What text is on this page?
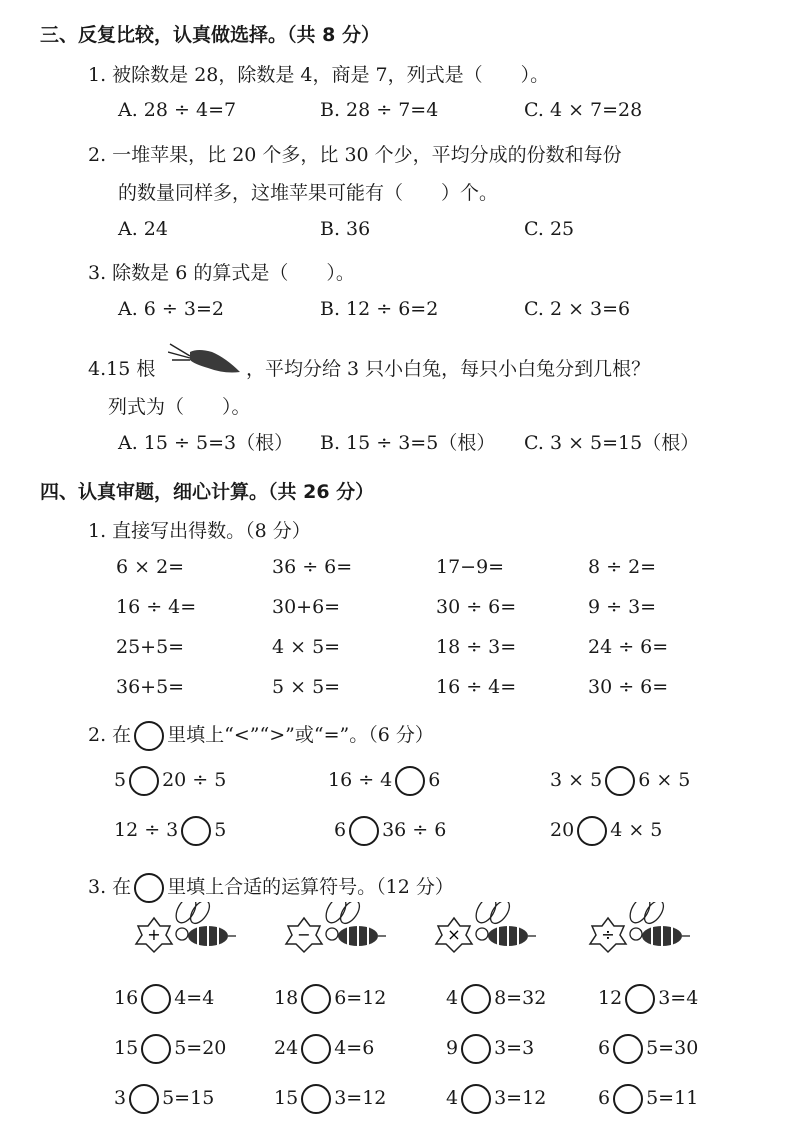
三、反复比较，认真做选择。（共 8 分）
1. 被除数是 28，除数是 4，商是 7，列式是（　　）。
A. 28 ÷ 4=7	B. 28 ÷ 7=4	C. 4 × 7=28
2. 一堆苹果，比 20 个多，比 30 个少，平均分成的份数和每份
的数量同样多，这堆苹果可能有（　　）个。
A. 24	B. 36	C. 25
3. 除数是 6 的算式是（　　）。
A. 6 ÷ 3=2	B. 12 ÷ 6=2	C. 2 × 3=6
4.15 根	，平均分给 3 只小白兔，每只小白兔分到几根？
列式为（　　）。
A. 15 ÷ 5=3（根） B. 15 ÷ 3=5（根） C. 3 × 5=15（根）
四、认真审题，细心计算。（共 26 分）
1. 直接写出得数。（8 分）
6 × 2=	36 ÷ 6=	17−9=	8 ÷ 2=
16 ÷ 4=	30+6=	30 ÷ 6=	9 ÷ 3=
25+5=	4 × 5=	18 ÷ 3=	24 ÷ 6=
36+5=	5 × 5=	16 ÷ 4=	30 ÷ 6=
2. 在 里填上“<”“>”或“=”。（6 分）
5 20 ÷ 5	16 ÷ 4 6	3 × 5 6 × 5
12 ÷ 3 5	6 36 ÷ 6	20 4 × 5
3. 在 里填上合适的运算符号。（12 分）
+	−	×	÷
16 4=4	18 6=12	4 8=32	12 3=4
15 5=20	24 4=6	9 3=3	6 5=30
3 5=15	15 3=12	4 3=12	6 5=11
